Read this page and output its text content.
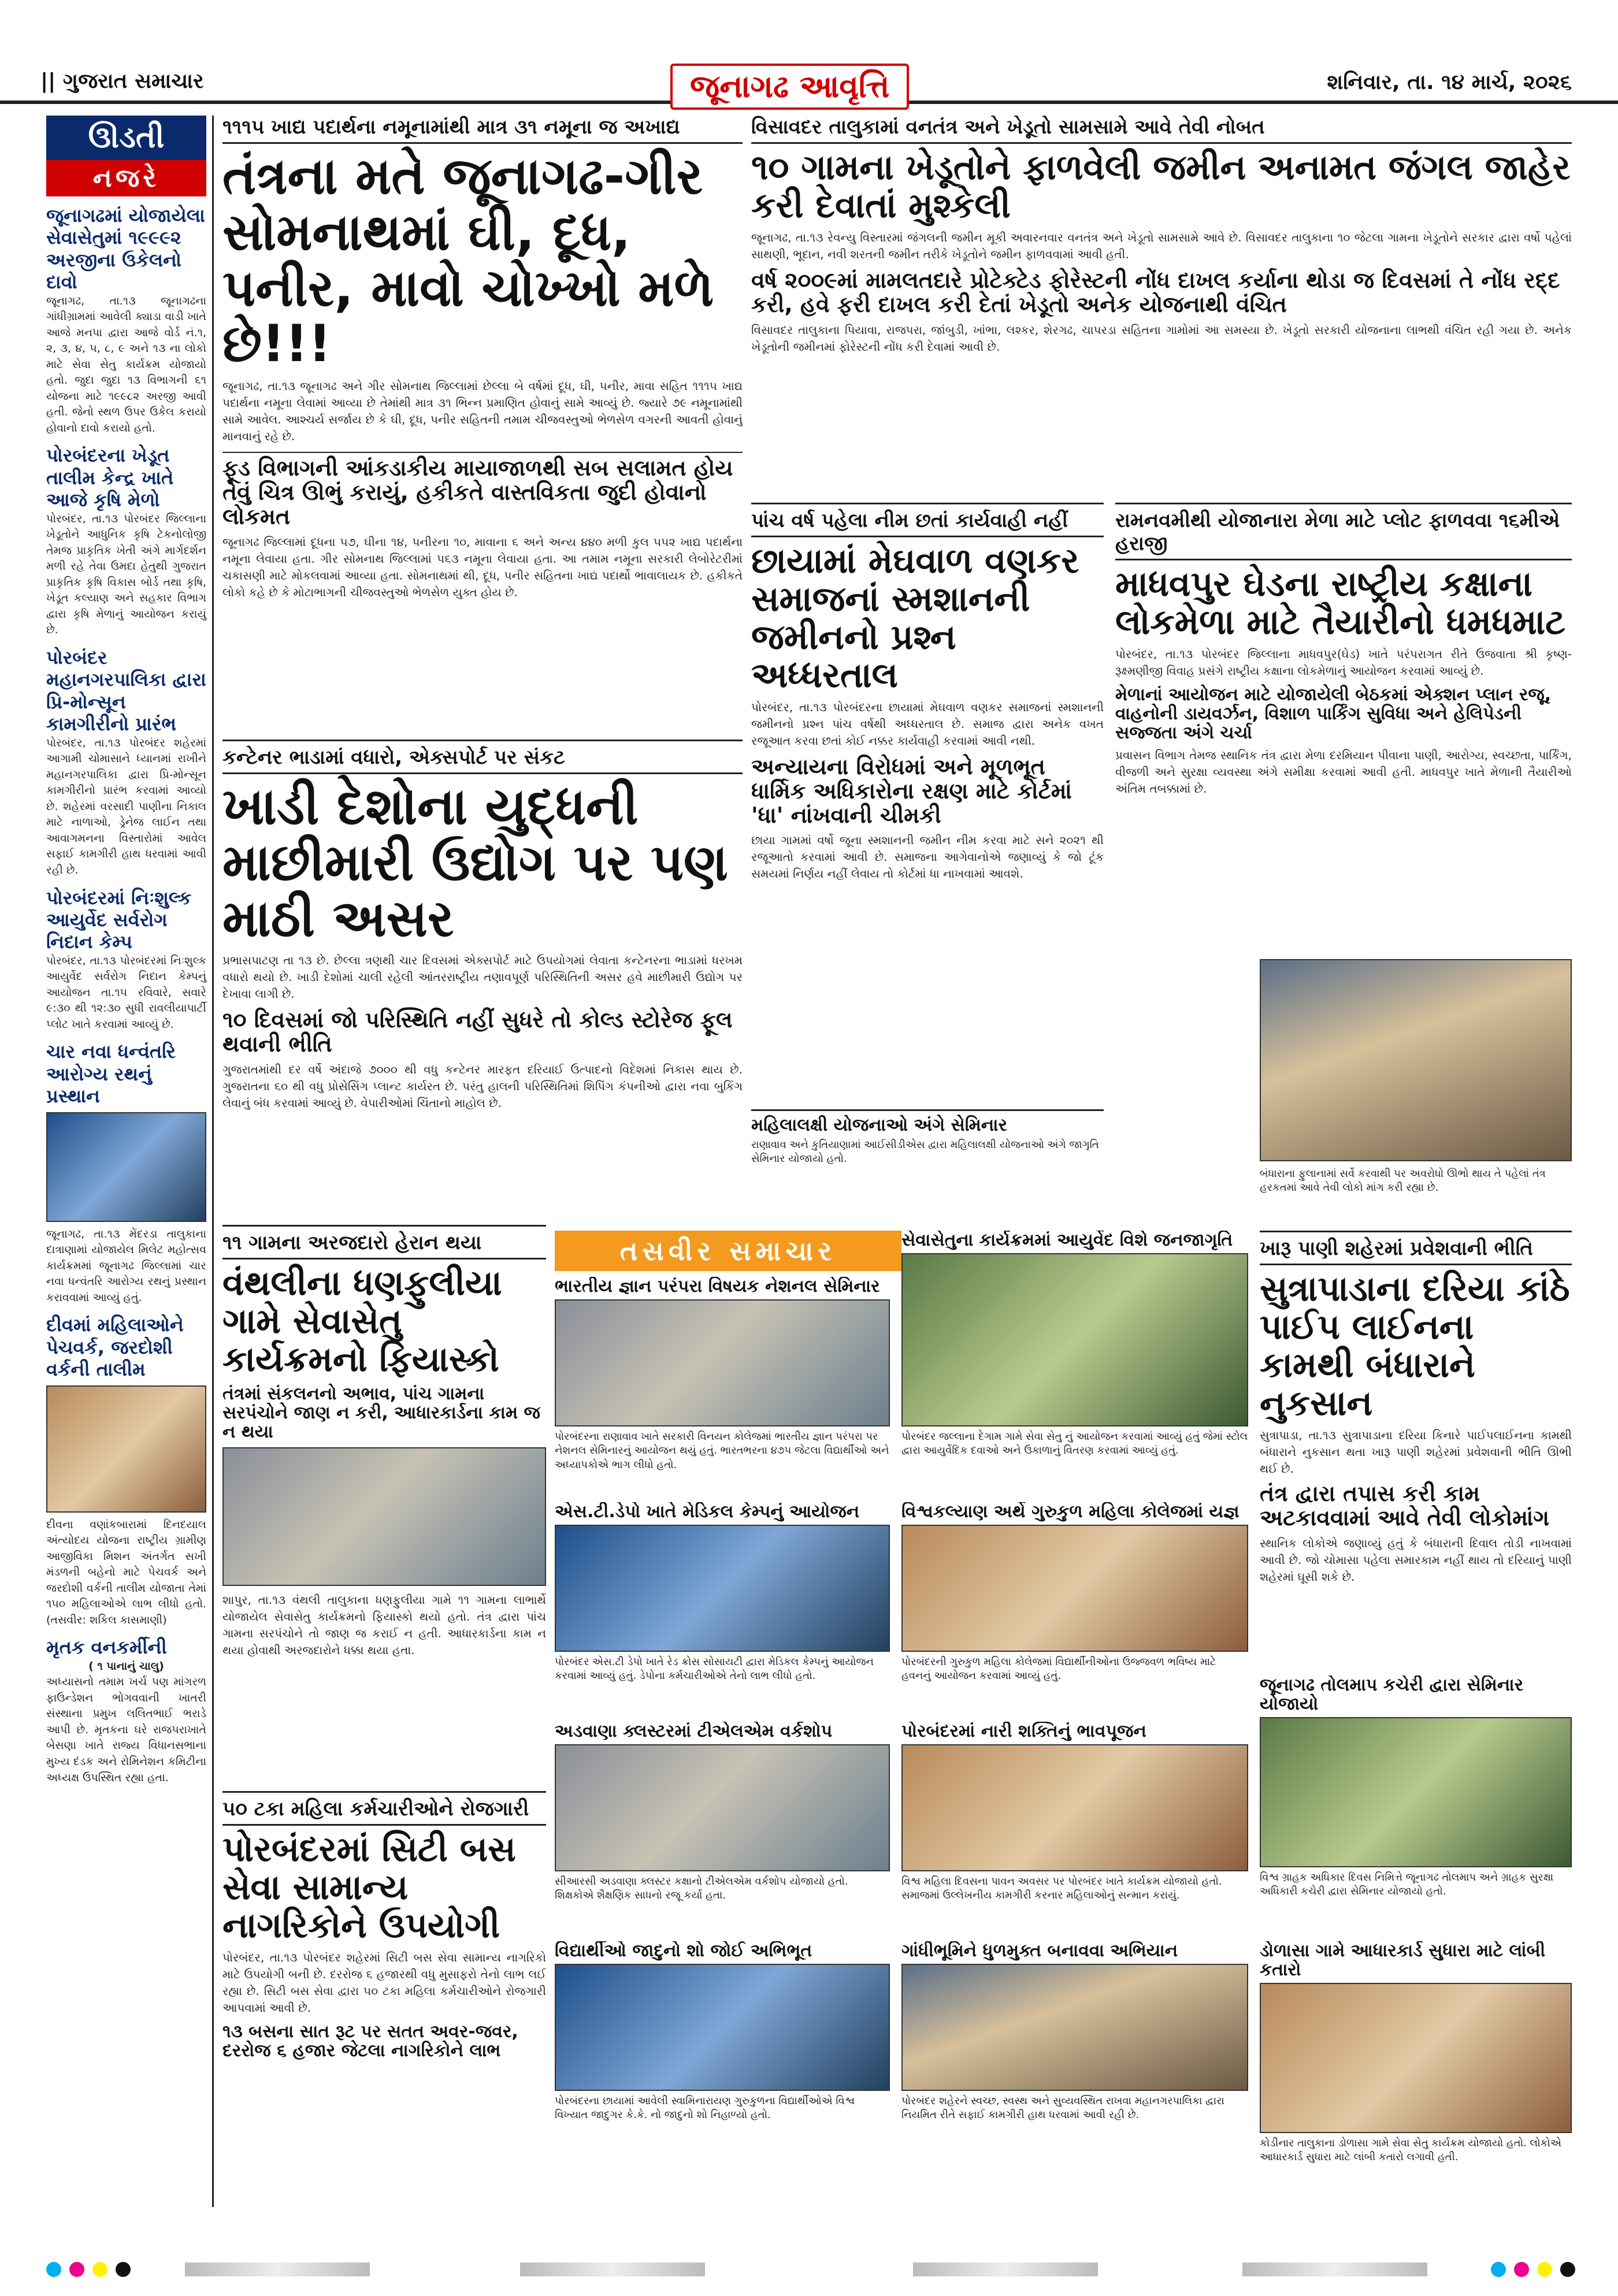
|| ગુજરાત સમાચાર	જૂનાગઢ આવૃત્તિ	શનિવાર, તા. ૧૪ માર્ચ, ૨૦૨૬
ઊડતી
નજરે
જૂનાગઢમાં યોજાયેલા સેવાસેતુમાં ૧૯૯૯૨ અરજીના ઉકેલનો દાવો
જૂનાગઢ, તા.૧૩ જૂનાગઢના ગાંધીગ્રામમાં આવેલી ક્યાડા વાડી ખાતે આજે મનપા દ્વારા આજે વોર્ડ નં.૧, ૨, ૩, ૪, ૫, ૮, ૯ અને ૧૩ ના લોકો માટે સેવા સેતુ કાર્યક્રમ યોજાયો હતો. જુદા જુદા ૧૩ વિભાગની ૬૧ યોજના માટે ૧૯૯૮૨ અરજી આવી હતી. જેનો સ્થળ ઉપર ઉકેલ કરાયો હોવાનો દાવો કરાયો હતો.
પોરબંદરના ખેડૂત તાલીમ કેન્દ્ર ખાતે આજે કૃષિ મેળો
પોરબંદર, તા.૧૩ પોરબંદર જિલ્લાના ખેડૂતોને આધુનિક કૃષિ ટેકનોલોજી તેમજ પ્રાકૃતિક ખેતી અંગે માર્ગદર્શન મળી રહે તેવા ઉમદા હેતુથી ગુજરાત પ્રાકૃતિક કૃષિ વિકાસ બોર્ડ તથા કૃષિ, ખેડૂત કલ્યાણ અને સહકાર વિભાગ દ્વારા કૃષિ મેળાનું આયોજન કરાયું છે.
પોરબંદર મહાનગરપાલિકા દ્વારા પ્રિ-મોન્સૂન કામગીરીનો પ્રારંભ
પોરબંદર, તા.૧૩ પોરબંદર શહેરમાં આગામી ચોમાસાને ધ્યાનમાં રાખીને મહાનગરપાલિકા દ્વારા પ્રિ-મોન્સૂન કામગીરીનો પ્રારંભ કરવામાં આવ્યો છે. શહેરમાં વરસાદી પાણીના નિકાલ માટે નાળાઓ, ડ્રેનેજ લાઈન તથા આવાગમનના વિસ્તારોમાં આવેલ સફાઈ કામગીરી હાથ ધરવામાં આવી રહી છે.
પોરબંદરમાં નિઃશુલ્ક આયુર્વેદ સર્વરોગ નિદાન કેમ્પ
પોરબંદર, તા.૧૩ પોરબંદરમાં નિઃશુલ્ક આયુર્વેદ સર્વરોગ નિદાન કેમ્પનું આયોજન તા.૧૫ રવિવારે, સવારે ૯:૩૦ થી ૧૨:૩૦ સુધી રાવલીયાપાર્ટી પ્લોટ ખાતે કરવામાં આવ્યું છે.
ચાર નવા ધન્વંતરિ આરોગ્ય રથનું પ્રસ્થાન
જૂનાગઢ, તા.૧૩ મેંદરડા તાલુકાના દાત્રાણામાં યોજાયેલ મિલેટ મહોત્સવ કાર્યક્રમમાં જૂનાગઢ જિલ્લામાં ચાર નવા ધન્વંતરિ આરોગ્ય રથનું પ્રસ્થાન કરાવવામાં આવ્યું હતું.
દીવમાં મહિલાઓને પેચવર્ક, જરદોશી વર્કની તાલીમ
દીવના વણાંકબારામાં દિનદયાલ અંત્યોદય યોજના રાષ્ટ્રીય ગ્રામીણ આજીવિકા મિશન અંતર્ગત સખી મંડળની બહેનો માટે પેચવર્ક અને જરદોશી વર્કની તાલીમ યોજાતા તેમાં ૧૫૦ મહિલાઓએ લાભ લીધો હતો. (તસવીર: શકિલ કાસમાણી)
મૃતક વનકર્મીની
( ૧ પાનાનું ચાલુ)
અધ્યાસનો તમામ ખર્ચ પણ માંગરળ ફાઉન્ડેશન ભોગવવાની ખાતરી સંસ્થાના પ્રમુખ લલિતભાઈ ભરાડે આપી છે. મૃતકના ઘરે રાજપરાખાતે બેસણા ખાતે રાજ્ય વિધાનસભાના મુખ્ય દંડક અને રોમિનેશન કમિટીના અધ્યક્ષ ઉપસ્થિત રહ્યા હતા.
૧૧૧૫ ખાદ્ય પદાર્થના નમૂનામાંથી માત્ર ૩૧ નમૂના જ અખાદ્ય
તંત્રના મતે જૂનાગઢ-ગીર સોમનાથમાં ઘી, દૂધ, પનીર, માવો ચોખ્ખો મળે છે!!!
જૂનાગઢ, તા.૧૩ જૂનાગઢ અને ગીર સોમનાથ જિલ્લામાં છેલ્લા બે વર્ષમાં દૂધ, ઘી, પનીર, માવા સહિત ૧૧૧૫ ખાદ્ય પદાર્થના નમૂના લેવામાં આવ્યા છે તેમાંથી માત્ર ૩૧ ભિન્ન પ્રમાણિત હોવાનું સામે આવ્યું છે. જ્યારે ૭૯ નમૂનામાંથી સામે આવેલ. આશ્ચર્ય સર્જાય છે કે ઘી, દૂધ, પનીર સહિતની તમામ ચીજવસ્તુઓ ભેળસેળ વગરની આવતી હોવાનું માનવાનું રહે છે.
ફૂડ વિભાગની આંકડાકીય માયાજાળથી સબ સલામત હોય તેવું ચિત્ર ઊભું કરાયું, હકીકતે વાસ્તવિકતા જુદી હોવાનો લોકમત
જૂનાગઢ જિલ્લામાં દૂધના ૫૭, ઘીના ૧૪, પનીરના ૧૦, માવાના ૬ અને અન્ય ૪૪૦ મળી કુલ ૫૫૨ ખાદ્ય પદાર્થના નમૂના લેવાયા હતા. ગીર સોમનાથ જિલ્લામાં ૫૬૩ નમૂના લેવાયા હતા. આ તમામ નમૂના સરકારી લેબોરેટરીમાં ચકાસણી માટે મોકલવામાં આવ્યા હતા. સોમનાથમાં થી, દૂધ, પનીર સહિતના ખાદ્ય પદાર્થો ભાવાલાયક છે. હકીકતે લોકો કહે છે કે મોટાભાગની ચીજવસ્તુઓ ભેળસેળ યુક્ત હોય છે.
કન્ટેનર ભાડામાં વધારો, એક્સપોર્ટ પર સંકટ
ખાડી દેશોના યુદ્ધની માછીમારી ઉદ્યોગ પર પણ માઠી અસર
પ્રભાસપાટણ તા ૧૩ છે. છેલ્લા ત્રણથી ચાર દિવસમાં એક્સપોર્ટ માટે ઉપયોગમાં લેવાતા કન્ટેનરના ભાડામાં ધરખમ વધારો થયો છે. ખાડી દેશોમાં ચાલી રહેલી આંતરરાષ્ટ્રીય તણાવપૂર્ણ પરિસ્થિતિની અસર હવે માછીમારી ઉદ્યોગ પર દેખાવા લાગી છે.
૧૦ દિવસમાં જો પરિસ્થિતિ નહીં સુધરે તો કોલ્ડ સ્ટોરેજ ફૂલ થવાની ભીતિ
ગુજરાતમાંથી દર વર્ષે અંદાજે ૭૦૦૦ થી વધુ કન્ટેનર મારફત દરિયાઈ ઉત્પાદનો વિદેશમાં નિકાસ થાય છે. ગુજરાતના ૬૦ થી વધુ પ્રોસેસિંગ પ્લાન્ટ કાર્યરત છે. પરંતુ હાલની પરિસ્થિતિમાં શિપિંગ કંપનીઓ દ્વારા નવા બુકિંગ લેવાનું બંધ કરવામાં આવ્યું છે. વેપારીઓમાં ચિંતાનો માહોલ છે.
૧૧ ગામના અરજદારો હેરાન થયા
વંથલીના ધણફુલીયા ગામે સેવાસેતુ કાર્યક્રમનો ફિયાસ્કો
તંત્રમાં સંકલનનો અભાવ, પાંચ ગામના સરપંચોને જાણ ન કરી, આધારકાર્ડના કામ જ ન થયા
શાપુર, તા.૧૩ વંથલી તાલુકાના ધણફુલીયા ગામે ૧૧ ગામના લાભાર્થે યોજાયેલ સેવાસેતુ કાર્યક્રમનો ફિયાસ્કો થયો હતો. તંત્ર દ્વારા પાંચ ગામના સરપંચોને તો જાણ જ કરાઈ ન હતી. આધારકાર્ડના કામ ન થયા હોવાથી અરજદારોને ધક્કા થયા હતા.
૫૦ ટકા મહિલા કર્મચારીઓને રોજગારી
પોરબંદરમાં સિટી બસ સેવા સામાન્ય નાગરિકોને ઉપયોગી
પોરબંદર, તા.૧૩ પોરબંદર શહેરમાં સિટી બસ સેવા સામાન્ય નાગરિકો માટે ઉપયોગી બની છે. દરરોજ ૬ હજારથી વધુ મુસાફરો તેનો લાભ લઈ રહ્યા છે. સિટી બસ સેવા દ્વારા ૫૦ ટકા મહિલા કર્મચારીઓને રોજગારી આપવામાં આવી છે.
૧૩ બસના સાત રૂટ પર સતત અવર-જવર, દરરોજ ૬ હજાર જેટલા નાગરિકોને લાભ
વિસાવદર તાલુકામાં વનતંત્ર અને ખેડૂતો સામસામે આવે તેવી નોબત
૧૦ ગામના ખેડૂતોને ફાળવેલી જમીન અનામત જંગલ જાહેર કરી દેવાતાં મુશ્કેલી
જૂનાગઢ, તા.૧૩ રેવન્યુ વિસ્તારમાં જંગલની જમીન મૂકી અવારનવાર વનતંત્ર અને ખેડૂતો સામસામે આવે છે. વિસાવદર તાલુકાના ૧૦ જેટલા ગામના ખેડૂતોને સરકાર દ્વારા વર્ષો પહેલાં સાથણી, ભૂદાન, નવી શરતની જમીન તરીકે ખેડૂતોને જમીન ફાળવવામાં આવી હતી.
વર્ષ ૨૦૦૯માં મામલતદારે પ્રોટેક્ટેડ ફોરેસ્ટની નોંધ દાખલ કર્યાના થોડા જ દિવસમાં તે નોંધ રદ્દ કરી, હવે ફરી દાખલ કરી દેતાં ખેડૂતો અનેક યોજનાથી વંચિત
વિસાવદર તાલુકાના પિયાવા, રાજપરા, જાંબુડી, ખાંભા, લશ્કર, શેરગઢ, ચાપરડા સહિતના ગામોમાં આ સમસ્યા છે. ખેડૂતો સરકારી યોજનાના લાભથી વંચિત રહી ગયા છે. અનેક ખેડૂતોની જમીનમાં ફોરેસ્ટની નોંધ કરી દેવામાં આવી છે.
પાંચ વર્ષ પહેલા નીમ છતાં કાર્યવાહી નહીં
છાયામાં મેઘવાળ વણકર સમાજનાં સ્મશાનની જમીનનો પ્રશ્ન અધ્ધરતાલ
પોરબંદર, તા.૧૩ પોરબંદરના છાયામાં મેઘવાળ વણકર સમાજનાં સ્મશાનની જમીનનો પ્રશ્ન પાંચ વર્ષથી અધ્ધરતાલ છે. સમાજ દ્વારા અનેક વખત રજૂઆત કરવા છતાં કોઈ નક્કર કાર્યવાહી કરવામાં આવી નથી.
અન્યાયના વિરોધમાં અને મૂળભૂત ધાર્મિક અધિકારોના રક્ષણ માટે કોર્ટમાં 'ધા' નાંખવાની ચીમકી
છાયા ગામમાં વર્ષો જૂના સ્મશાનની જમીન નીમ કરવા માટે સને ૨૦૨૧ થી રજૂઆતો કરવામાં આવી છે. સમાજના આગેવાનોએ જણાવ્યું કે જો ટૂંક સમયમાં નિર્ણય નહીં લેવાય તો કોર્ટમાં ધા નાખવામાં આવશે.
રામનવમીથી યોજાનારા મેળા માટે પ્લોટ ફાળવવા ૧૬મીએ હરાજી
માધવપુર ઘેડના રાષ્ટ્રીય કક્ષાના લોકમેળા માટે તૈયારીનો ધમધમાટ
પોરબંદર, તા.૧૩ પોરબંદર જિલ્લાના માધવપુર(ઘેડ) ખાતે પરંપરાગત રીતે ઉજવાતા શ્રી કૃષ્ણ-રૂક્ષ્મણીજી વિવાહ પ્રસંગે રાષ્ટ્રીય કક્ષાના લોકમેળાનું આયોજન કરવામાં આવ્યું છે.
મેળાનાં આયોજન માટે યોજાયેલી બેઠકમાં એક્શન પ્લાન રજૂ, વાહનોની ડાયવર્ઝન, વિશાળ પાર્કિંગ સુવિધા અને હેલિપેડની સજ્જતા અંગે ચર્ચા
પ્રવાસન વિભાગ તેમજ સ્થાનિક તંત્ર દ્વારા મેળા દરમિયાન પીવાના પાણી, આરોગ્ય, સ્વચ્છતા, પાર્કિંગ, વીજળી અને સુરક્ષા વ્યવસ્થા અંગે સમીક્ષા કરવામાં આવી હતી. માધવપુર ખાતે મેળાની તૈયારીઓ અંતિમ તબક્કામાં છે.
બંધારાના ફુલાનામાં સર્વે કરવાથી પર અવરોધો ઊભો થાય તે પહેલાં તંત્ર હરકતમાં આવે તેવી લોકો માંગ કરી રહ્યા છે.
તસવીર સમાચાર
ભારતીય જ્ઞાન પરંપરા વિષયક નેશનલ સેમિનાર
પોરબંદરના રાણાવાવ ખાતે સરકારી વિનયન કોલેજમાં ભારતીય જ્ઞાન પરંપરા પર નેશનલ સેમિનારનું આયોજન થયું હતું. ભારતભરના ૪૭૫ જેટલા વિદ્યાર્થીઓ અને અધ્યાપકોએ ભાગ લીધો હતો.
સેવાસેતુના કાર્યક્રમમાં આયુર્વેદ વિશે જનજાગૃતિ
પોરબંદર જલ્લાના દેગામ ગામે સેવા સેતુ નું આયોજન કરવામાં આવ્યું હતું જેમાં સ્ટોલ દ્વારા આયુર્વેદિક દવાઓ અને ઉકાળાનું વિતરણ કરવામાં આવ્યું હતું.
એસ.ટી.ડેપો ખાતે મેડિકલ કેમ્પનું આયોજન
પોરબંદર એસ.ટી ડેપો ખાતે રેડ ક્રોસ સોસાયટી દ્વારા મેડિકલ કેમ્પનું આયોજન કરવામાં આવ્યું હતું. ડેપોના કર્મચારીઓએ તેનો લાભ લીધો હતો.
વિશ્વકલ્યાણ અર્થે ગુરુકુળ મહિલા કોલેજમાં યજ્ઞ
પોરબંદરની ગુરુકુળ મહિલા કોલેજમાં વિદ્યાર્થીનીઓના ઉજ્જવળ ભવિષ્ય માટે હવનનું આયોજન કરવામાં આવ્યું હતું.
અડવાણા ક્લસ્ટરમાં ટીએલએમ વર્કશોપ
સીઆરસી અડવાણા ક્લસ્ટર કક્ષાનો ટીએલએમ વર્કશોપ યોજાયો હતો. શિક્ષકોએ શૈક્ષણિક સાધનો રજૂ કર્યા હતા.
પોરબંદરમાં નારી શક્તિનું ભાવપૂજન
વિશ્વ મહિલા દિવસના પાવન અવસર પર પોરબંદર ખાતે કાર્યક્રમ યોજાયો હતો. સમાજમાં ઉલ્લેખનીય કામગીરી કરનાર મહિલાઓનું સન્માન કરાયું.
વિદ્યાર્થીઓ જાદુનો શો જોઈ અભિભૂત
પોરબંદરના છાયામાં આવેલી સ્વામિનારાયણ ગુરુકુળના વિદ્યાર્થીઓએ વિશ્વ વિખ્યાત જાદુગર કે.કે. નો જાદુનો શો નિહાળ્યો હતો.
ગાંધીભૂમિને ધુળમુક્ત બનાવવા અભિયાન
પોરબંદર શહેરને સ્વચ્છ, સ્વસ્થ અને સુવ્યવસ્થિત રાખવા મહાનગરપાલિકા દ્વારા નિયમિત રીતે સફાઈ કામગીરી હાથ ધરવામાં આવી રહી છે.
ખારૂ પાણી શહેરમાં પ્રવેશવાની ભીતિ
સુત્રાપાડાના દરિયા કાંઠે પાઈપ લાઈનના કામથી બંધારાને નુકસાન
સુત્રાપાડા, તા.૧૩ સુત્રાપાડાના દરિયા કિનારે પાઈપલાઈનના કામથી બંધારાને નુકસાન થતા ખારૂ પાણી શહેરમાં પ્રવેશવાની ભીતિ ઊભી થઈ છે.
તંત્ર દ્વારા તપાસ કરી કામ અટકાવવામાં આવે તેવી લોકોમાંગ
સ્થાનિક લોકોએ જણાવ્યું હતું કે બંધારાની દિવાલ તોડી નાખવામાં આવી છે. જો ચોમાસા પહેલા સમારકામ નહીં થાય તો દરિયાનું પાણી શહેરમાં ઘૂસી શકે છે.
જૂનાગઢ તોલમાપ કચેરી દ્વારા સેમિનાર યોજાયો
વિશ્વ ગ્રાહક અધિકાર દિવસ નિમિત્તે જૂનાગઢ તોલમાપ અને ગ્રાહક સુરક્ષા અધિકારી કચેરી દ્વારા સેમિનાર યોજાયો હતો.
ડોળાસા ગામે આધારકાર્ડ સુધારા માટે લાંબી કતારો
કોડીનાર તાલુકાના ડોળાસા ગામે સેવા સેતુ કાર્યક્રમ યોજાયો હતો. લોકોએ આધારકાર્ડ સુધારા માટે લાંબી કતારો લગાવી હતી.
મહિલાલક્ષી યોજનાઓ અંગે સેમિનાર
રાણાવાવ અને કુતિયાણામાં આઈસીડીએસ દ્વારા મહિલાલક્ષી યોજનાઓ અંગે જાગૃતિ સેમિનાર યોજાયો હતો.
